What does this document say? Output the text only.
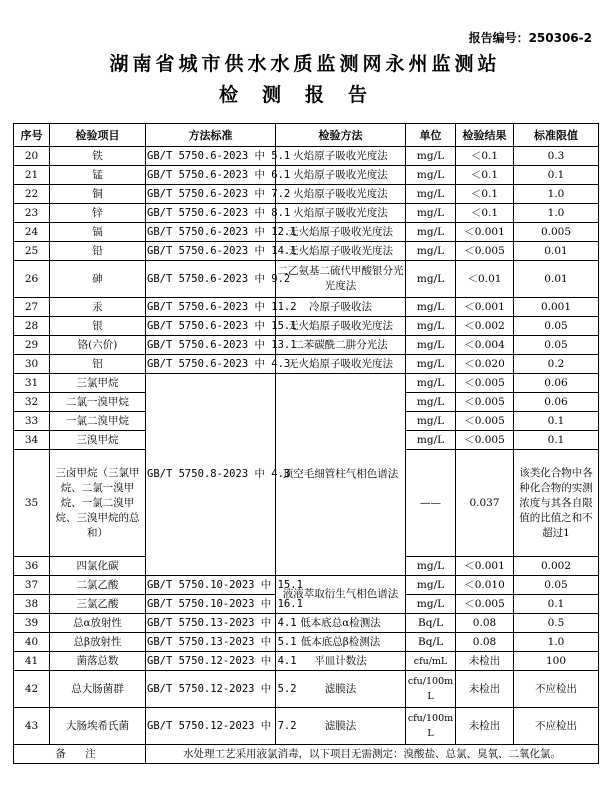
报告编号：250306-2
湖南省城市供水水质监测网永州监测站
检测报告
序号	检验项目	方法标准	检验方法	单位	检验结果	标准限值
20	铁	GB/T 5750.6-2023 中 5.1	火焰原子吸收光度法	mg/L	＜0.1	0.3
21	锰	GB/T 5750.6-2023 中 6.1	火焰原子吸收光度法	mg/L	＜0.1	0.1
22	铜	GB/T 5750.6-2023 中 7.2	火焰原子吸收光度法	mg/L	＜0.1	1.0
23	锌	GB/T 5750.6-2023 中 8.1	火焰原子吸收光度法	mg/L	＜0.1	1.0
24	镉	GB/T 5750.6-2023 中 12.1	无火焰原子吸收光度法	mg/L	＜0.001	0.005
25	铅	GB/T 5750.6-2023 中 14.1	无火焰原子吸收光度法	mg/L	＜0.005	0.01
26	砷	GB/T 5750.6-2023 中 9.2	二乙氨基二硫代甲酸银分光光度法	mg/L	＜0.01	0.01
27	汞	GB/T 5750.6-2023 中 11.2	冷原子吸收法	mg/L	＜0.001	0.001
28	银	GB/T 5750.6-2023 中 15.1	无火焰原子吸收光度法	mg/L	＜0.002	0.05
29	铬(六价)	GB/T 5750.6-2023 中 13.1	二苯碳酰二肼分光法	mg/L	＜0.004	0.05
30	铝	GB/T 5750.6-2023 中 4.3	无火焰原子吸收光度法	mg/L	＜0.020	0.2
31	三氯甲烷	GB/T 5750.8-2023 中 4.3	顶空毛细管柱气相色谱法	mg/L	＜0.005	0.06
32	二氯一溴甲烷			mg/L	＜0.005	0.06
33	一氯二溴甲烷			mg/L	＜0.005	0.1
34	三溴甲烷			mg/L	＜0.005	0.1
35	三卤甲烷（三氯甲烷、二氯一溴甲烷、一氯二溴甲烷、三溴甲烷的总和）			——	0.037	该类化合物中各种化合物的实测浓度与其各自限值的比值之和不超过1
36	四氯化碳			mg/L	＜0.001	0.002
37	二氯乙酸	GB/T 5750.10-2023 中 15.1	液液萃取衍生气相色谱法	mg/L	＜0.010	0.05
38	三氯乙酸	GB/T 5750.10-2023 中 16.1		mg/L	＜0.005	0.1
39	总α放射性	GB/T 5750.13-2023 中 4.1	低本底总α检测法	Bq/L	0.08	0.5
40	总β放射性	GB/T 5750.13-2023 中 5.1	低本底总β检测法	Bq/L	0.08	1.0
41	菌落总数	GB/T 5750.12-2023 中 4.1	平皿计数法	cfu/mL	未检出	100
42	总大肠菌群	GB/T 5750.12-2023 中 5.2	滤膜法	cfu/100mL	未检出	不应检出
43	大肠埃希氏菌	GB/T 5750.12-2023 中 7.2	滤膜法	cfu/100mL	未检出	不应检出
备 注		水处理工艺采用液氯消毒，以下项目无需测定：溴酸盐、总氯、臭氧、二氧化氯。				
